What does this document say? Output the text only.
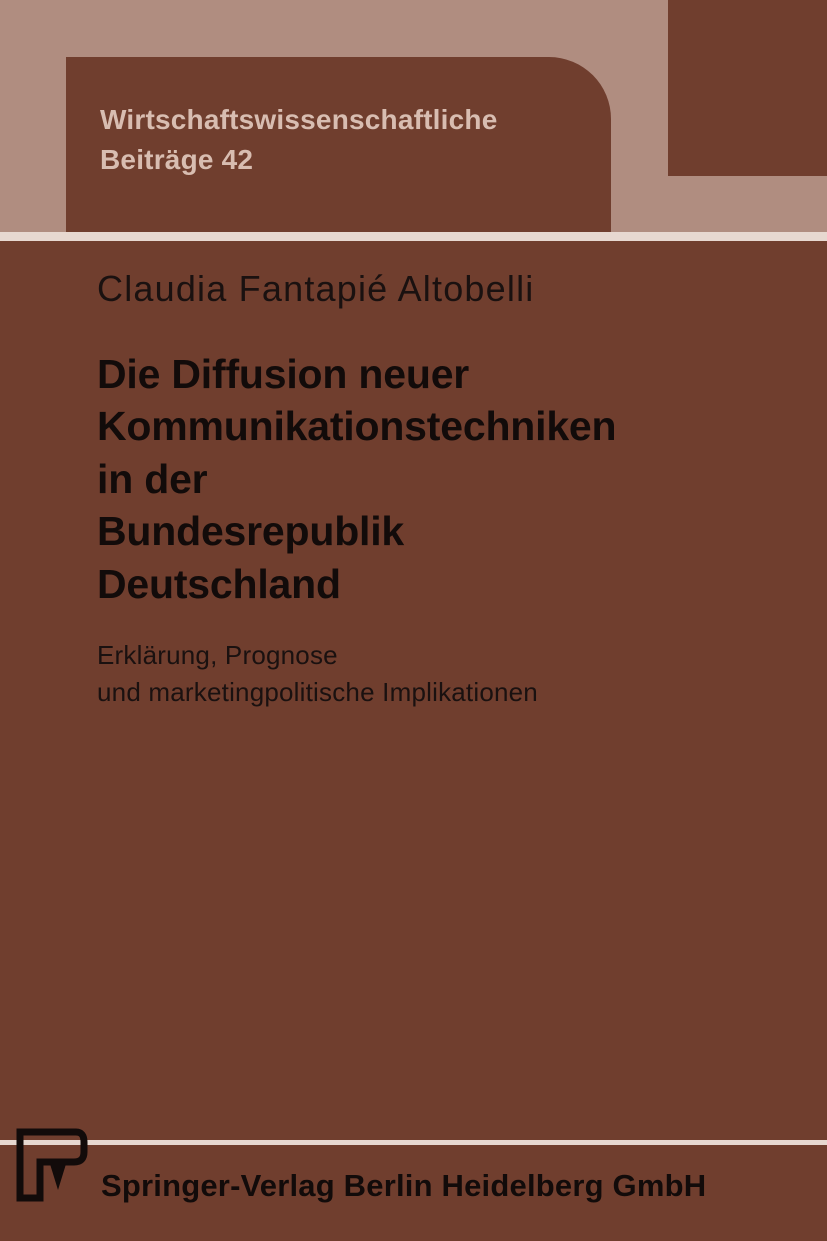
Wirtschaftswissenschaftliche
Beiträge 42
Claudia Fantapié Altobelli
Die Diffusion neuer
Kommunikationstechniken
in der
Bundesrepublik
Deutschland
Erklärung, Prognose
und marketingpolitische Implikationen
Springer-Verlag Berlin Heidelberg GmbH
